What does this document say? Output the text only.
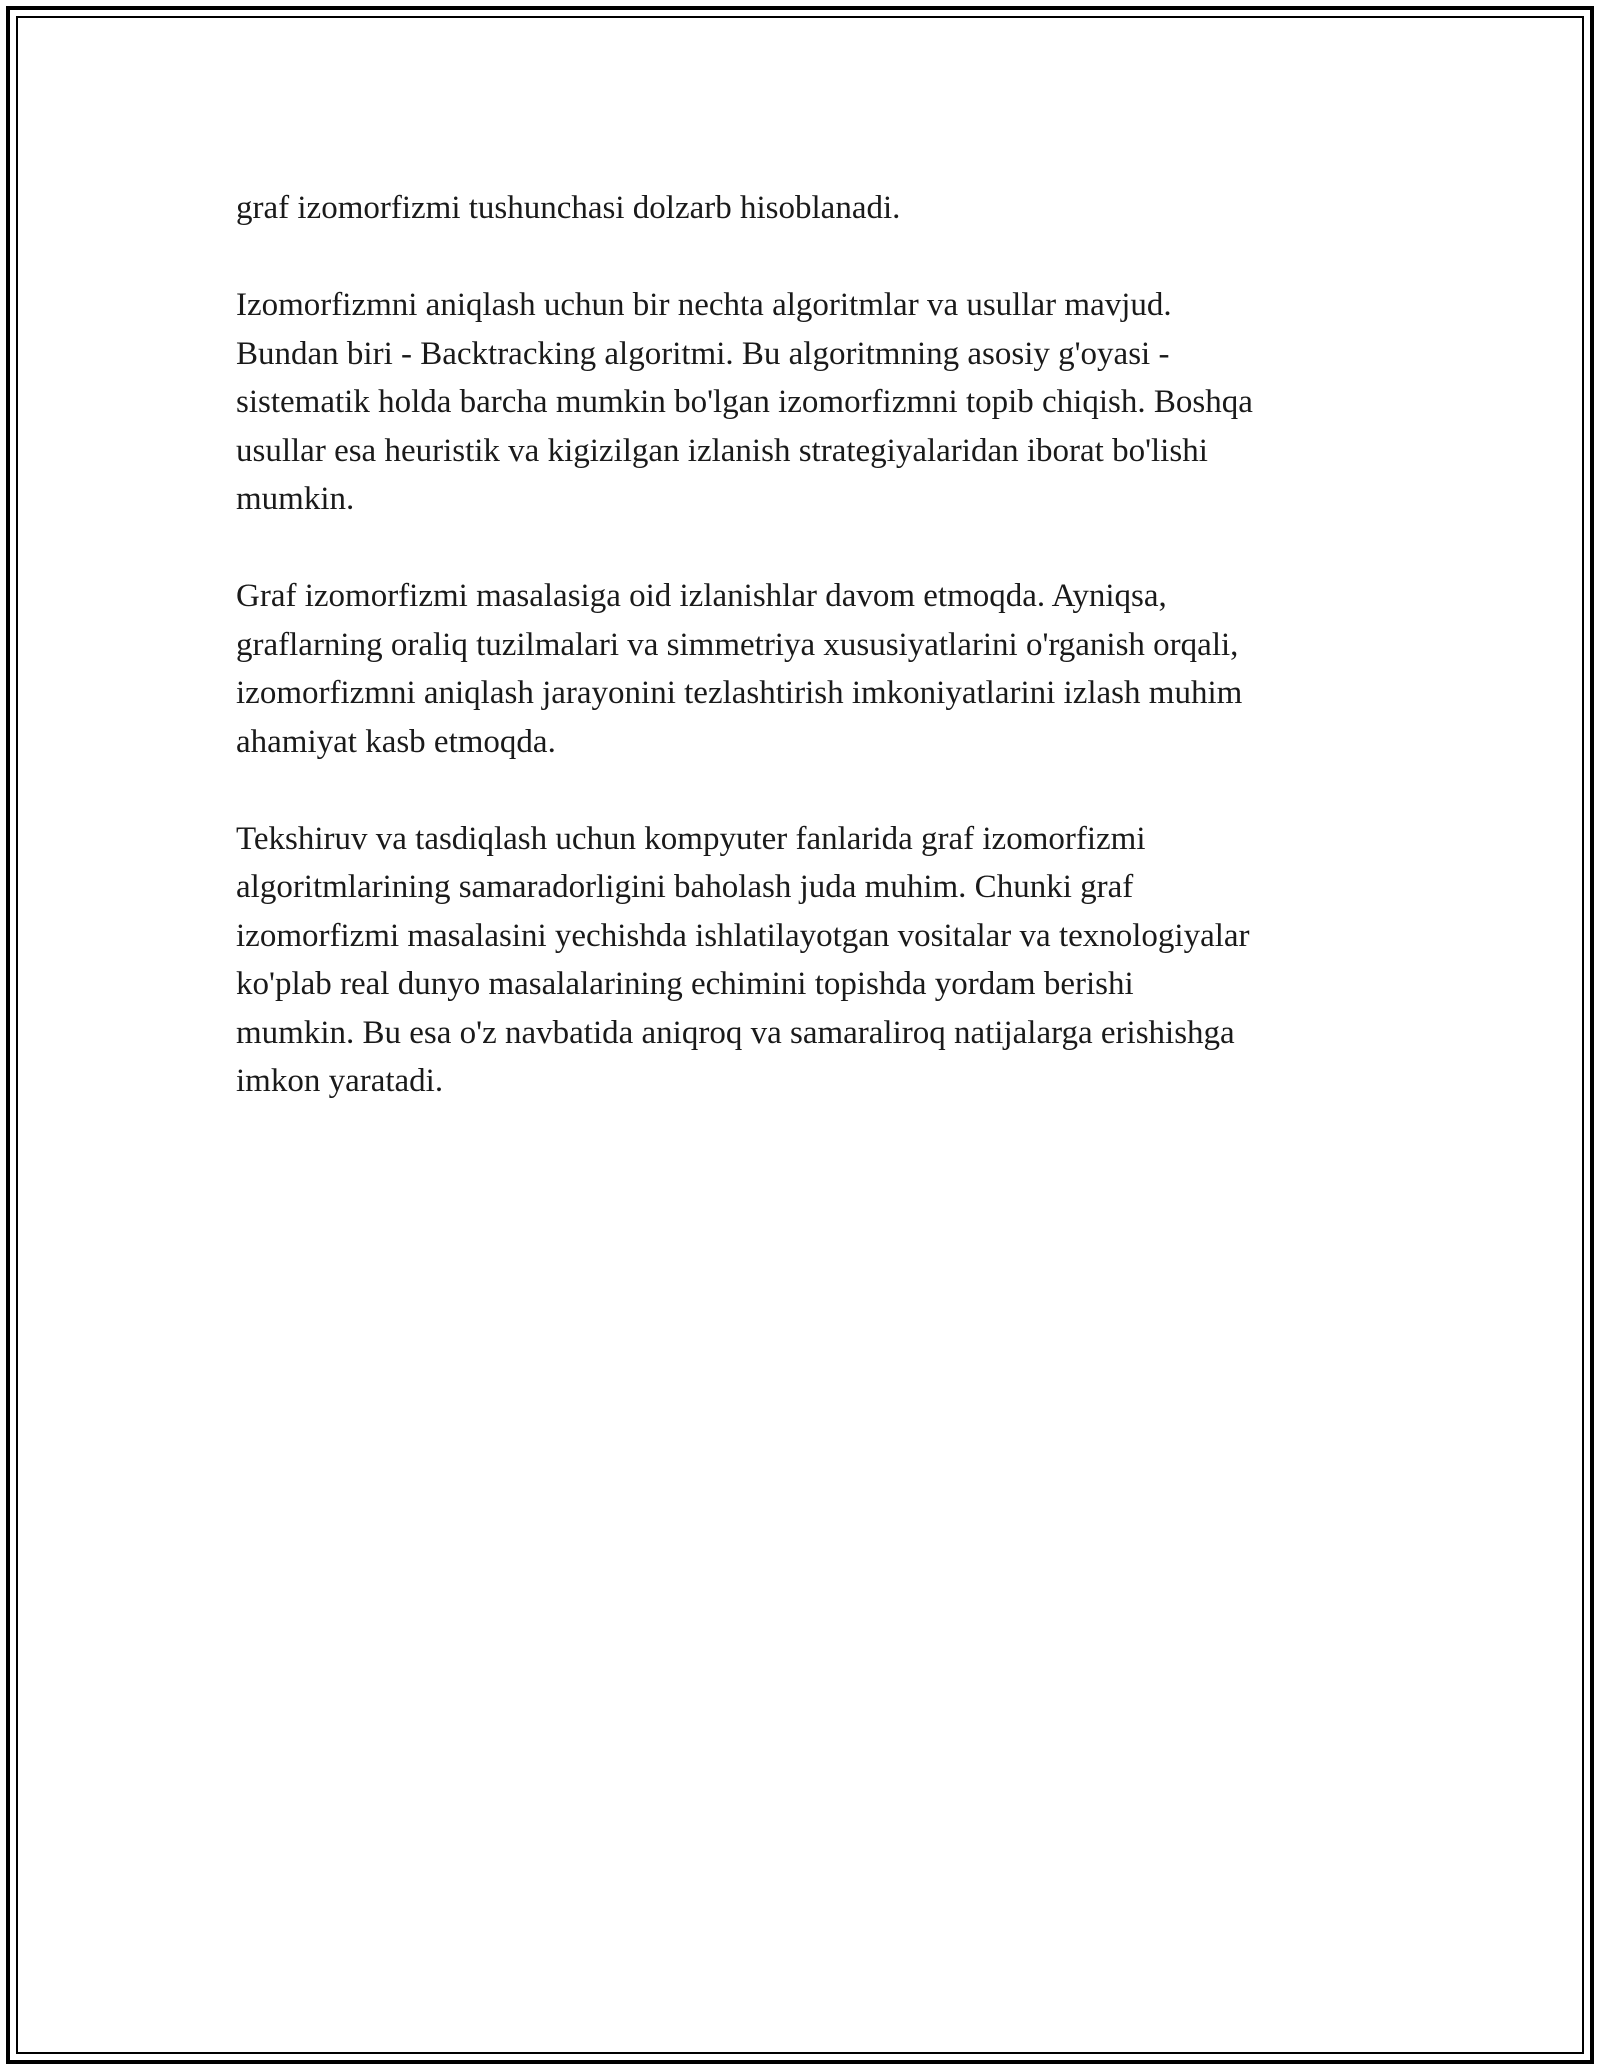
graf izomorfizmi tushunchasi dolzarb hisoblanadi.

Izomorfizmni aniqlash uchun bir nechta algoritmlar va usullar mavjud.
Bundan biri - Backtracking algoritmi. Bu algoritmning asosiy g'oyasi -
sistematik holda barcha mumkin bo'lgan izomorfizmni topib chiqish. Boshqa
usullar esa heuristik va kigizilgan izlanish strategiyalaridan iborat bo'lishi
mumkin.

Graf izomorfizmi masalasiga oid izlanishlar davom etmoqda. Ayniqsa,
graflarning oraliq tuzilmalari va simmetriya xususiyatlarini o'rganish orqali,
izomorfizmni aniqlash jarayonini tezlashtirish imkoniyatlarini izlash muhim
ahamiyat kasb etmoqda.

Tekshiruv va tasdiqlash uchun kompyuter fanlarida graf izomorfizmi
algoritmlarining samaradorligini baholash juda muhim. Chunki graf
izomorfizmi masalasini yechishda ishlatilayotgan vositalar va texnologiyalar
ko'plab real dunyo masalalarining echimini topishda yordam berishi
mumkin. Bu esa o'z navbatida aniqroq va samaraliroq natijalarga erishishga
imkon yaratadi.
